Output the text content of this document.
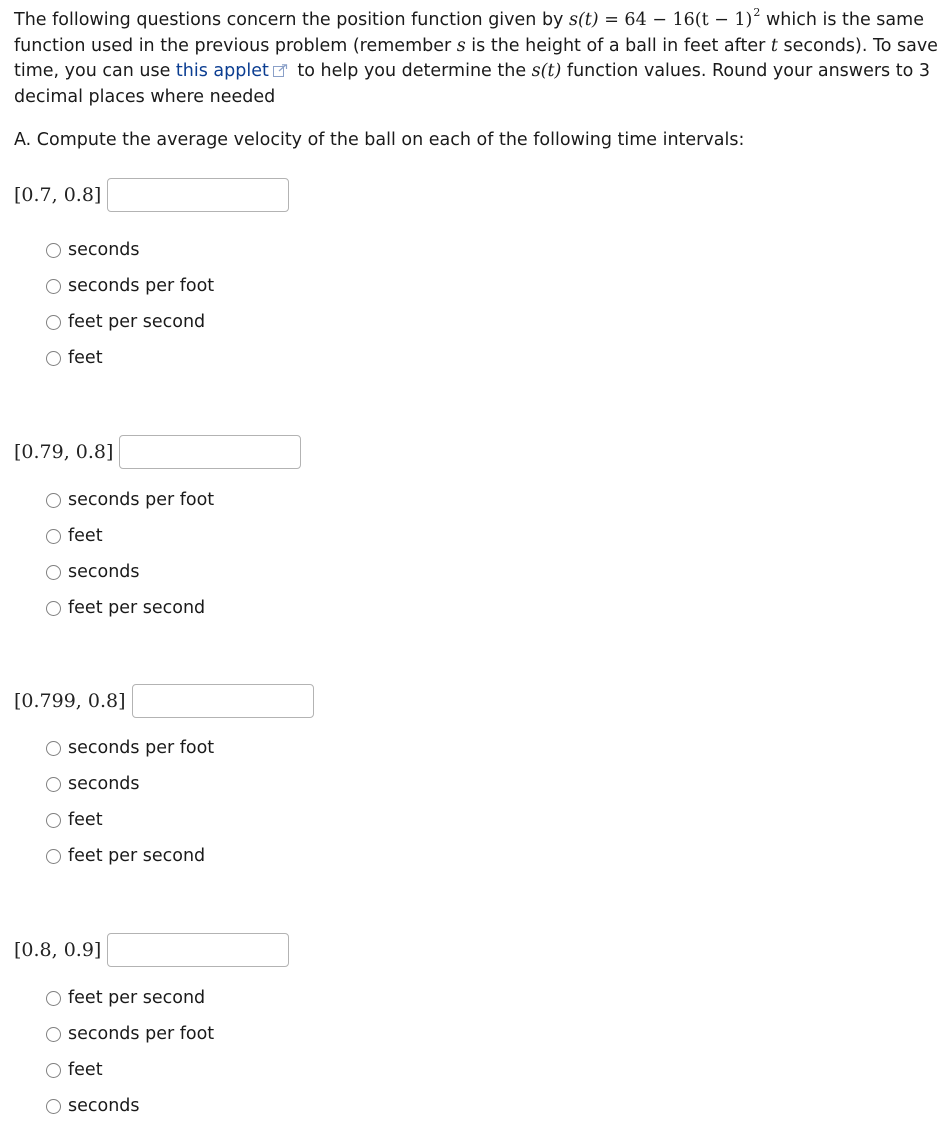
The following questions concern the position function given by $s(t) = 64 - 16(t - 1)^2$ which is the same function used in the previous problem (remember s is the height of a ball in feet after t seconds). To save time, you can use this applet to help you determine the s(t) function values. Round your answers to 3 decimal places where needed
A. Compute the average velocity of the ball on each of the following time intervals:
[0.7, 0.8]
seconds
seconds per foot
feet per second
feet
[0.79, 0.8]
seconds per foot
feet
seconds
feet per second
[0.799, 0.8]
seconds per foot
seconds
feet
feet per second
[0.8, 0.9]
feet per second
seconds per foot
feet
seconds
